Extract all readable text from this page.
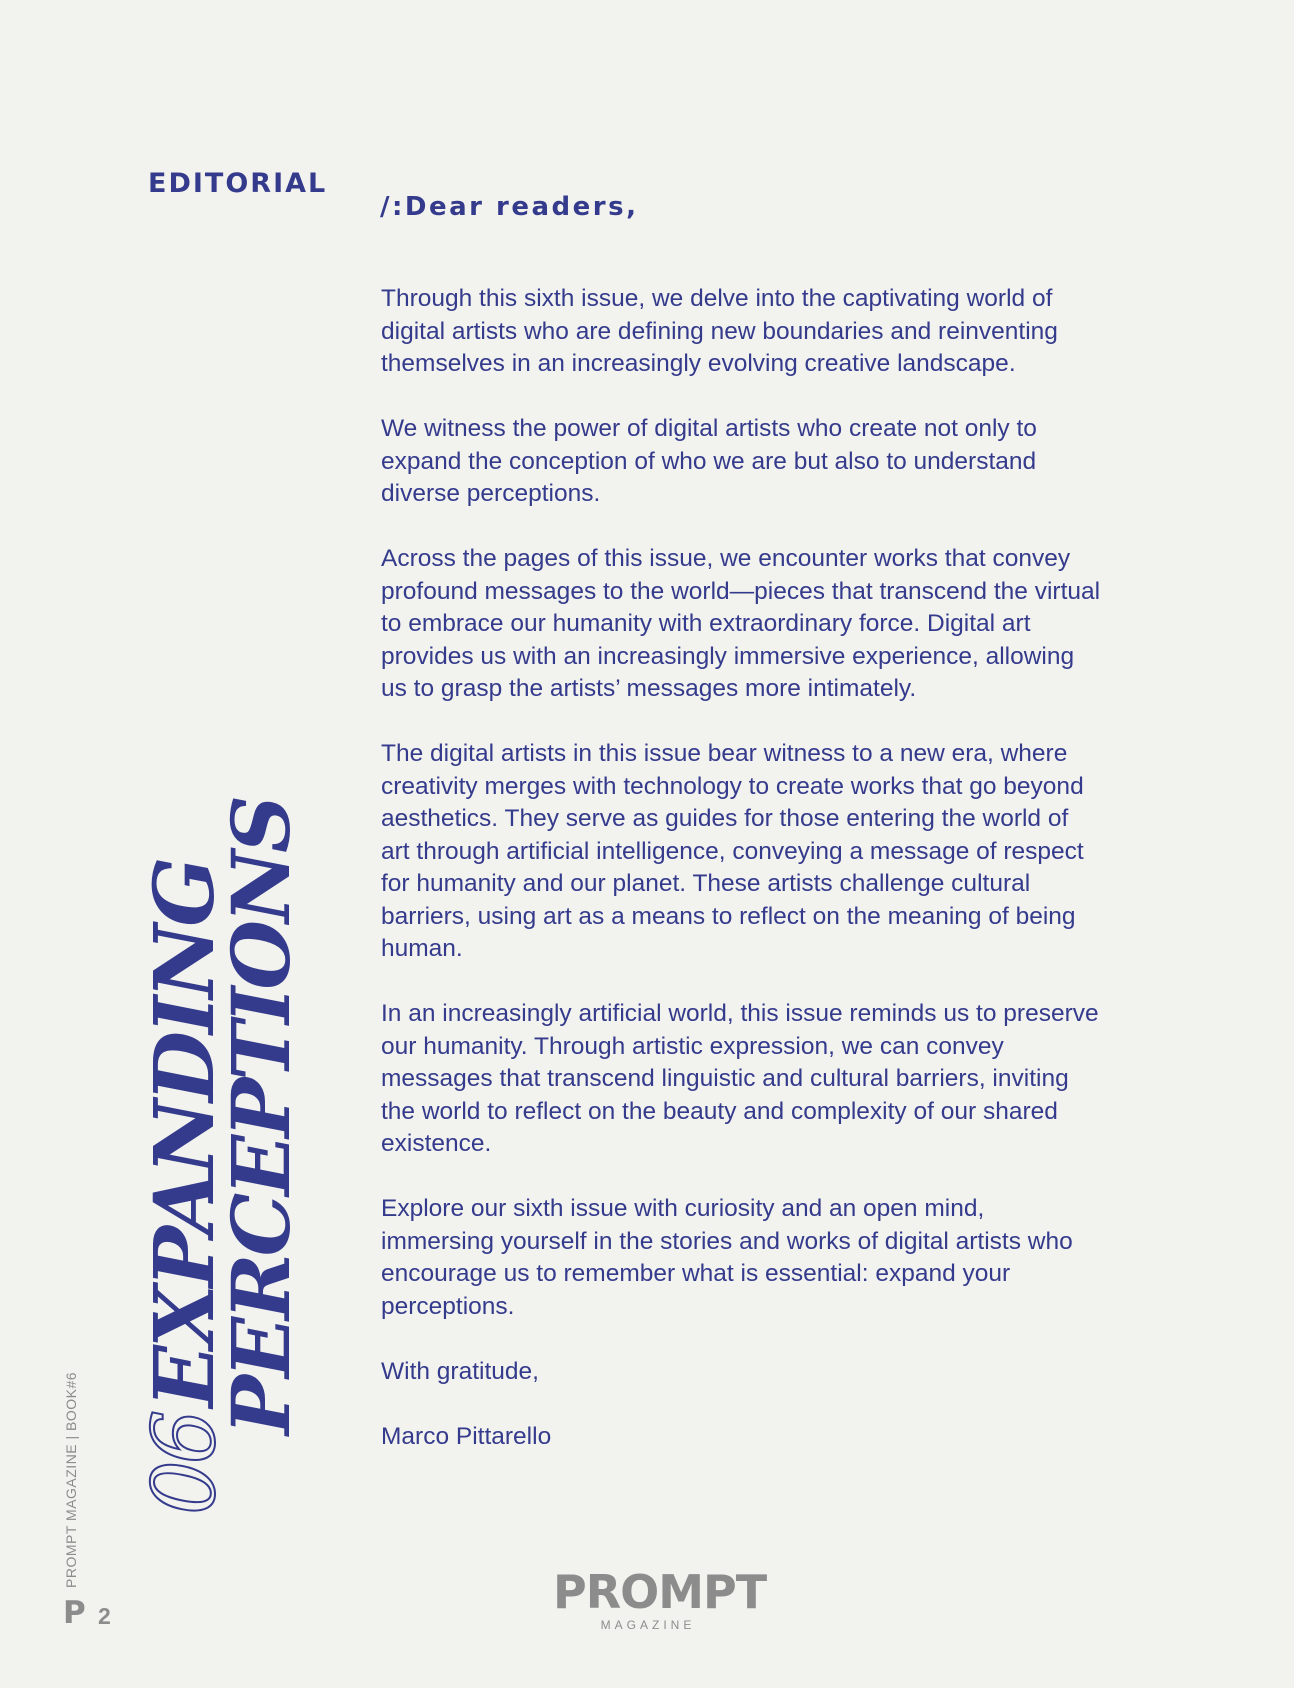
EDITORIAL
/:Dear readers,

Through this sixth issue, we delve into the captivating world of digital artists who are defining new boundaries and reinventing themselves in an increasingly evolving creative landscape.

We witness the power of digital artists who create not only to expand the conception of who we are but also to understand diverse perceptions.

Across the pages of this issue, we encounter works that convey profound messages to the world—pieces that transcend the virtual to embrace our humanity with extraordinary force. Digital art provides us with an increasingly immersive experience, allowing us to grasp the artists’ messages more intimately.

The digital artists in this issue bear witness to a new era, where creativity merges with technology to create works that go beyond aesthetics. They serve as guides for those entering the world of art through artificial intelligence, conveying a message of respect for humanity and our planet. These artists challenge cultural barriers, using art as a means to reflect on the meaning of being human.

In an increasingly artificial world, this issue reminds us to preserve our humanity. Through artistic expression, we can convey messages that transcend linguistic and cultural barriers, inviting the world to reflect on the beauty and complexity of our shared existence.

Explore our sixth issue with curiosity and an open mind, immersing yourself in the stories and works of digital artists who encourage us to remember what is essential: expand your perceptions.

With gratitude,

Marco Pittarello

06EXPANDING
PERCEPTIONS
PROMPT MAGAZINE | BOOK#6
P 2	PROMPT
MAGAZINE
